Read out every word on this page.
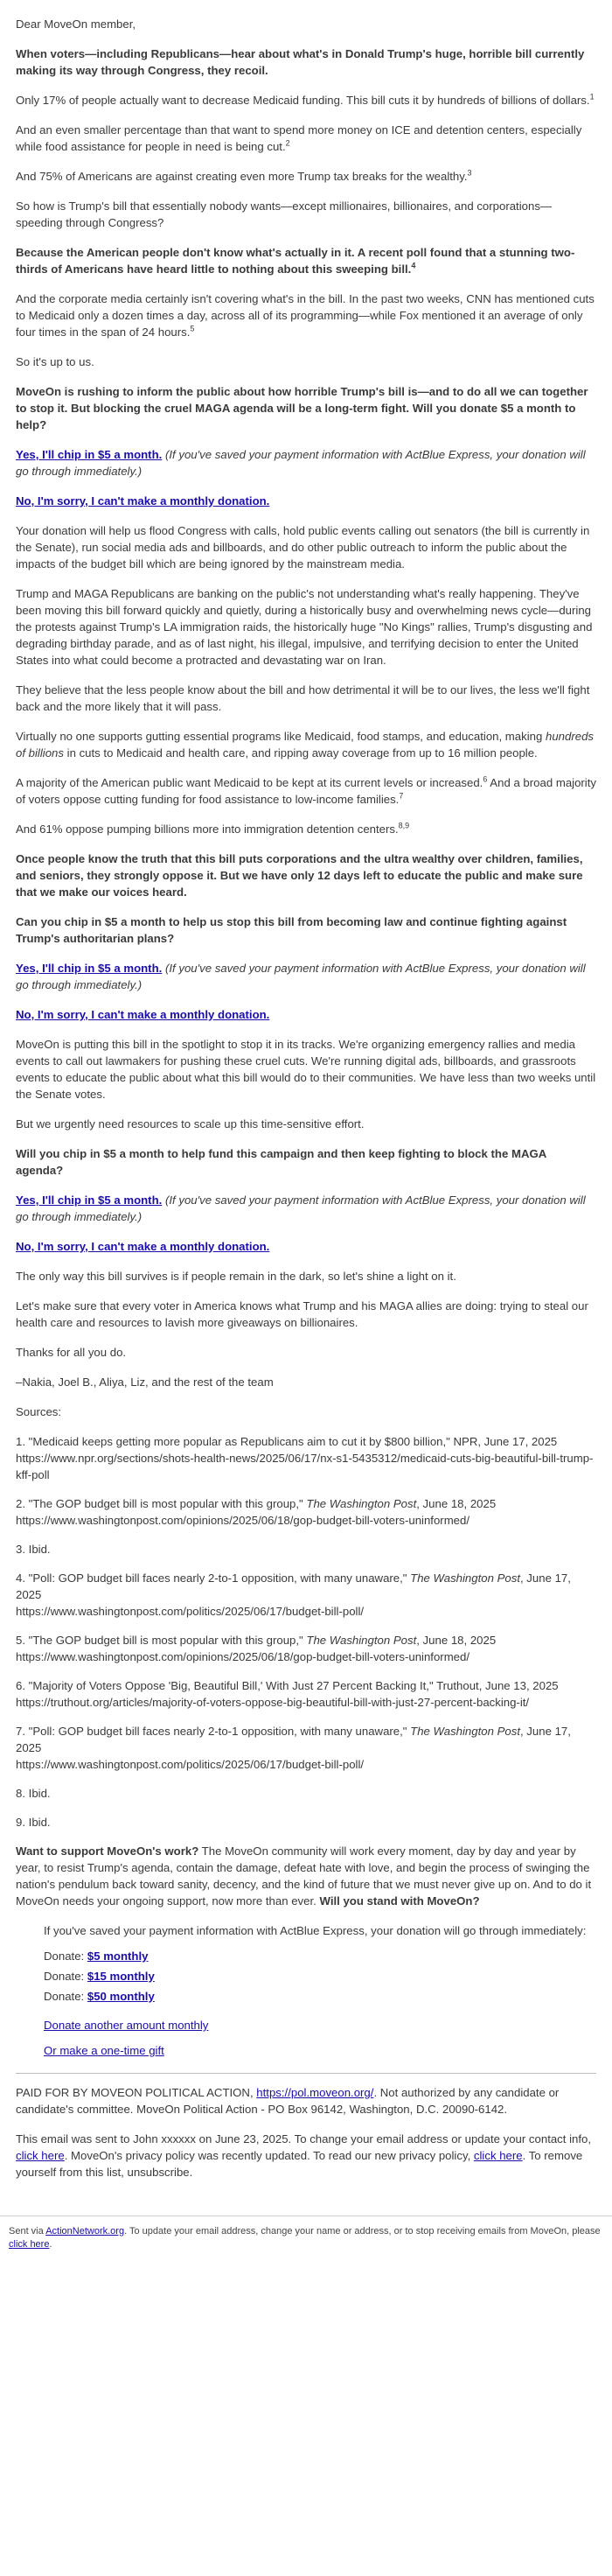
Dear MoveOn member,

When voters—including Republicans—hear about what's in Donald Trump's huge, horrible bill currently making its way through Congress, they recoil.

Only 17% of people actually want to decrease Medicaid funding. This bill cuts it by hundreds of billions of dollars.$^1$

And an even smaller percentage than that want to spend more money on ICE and detention centers, especially while food assistance for people in need is being cut.$^2$

And 75% of Americans are against creating even more Trump tax breaks for the wealthy.$^3$

So how is Trump's bill that essentially nobody wants—except millionaires, billionaires, and corporations—speeding through Congress?

Because the American people don't know what's actually in it. A recent poll found that a stunning two-thirds of Americans have heard little to nothing about this sweeping bill.$^4$

And the corporate media certainly isn't covering what's in the bill. In the past two weeks, CNN has mentioned cuts to Medicaid only a dozen times a day, across all of its programming—while Fox mentioned it an average of only four times in the span of 24 hours.$^5$

So it's up to us.

MoveOn is rushing to inform the public about how horrible Trump's bill is—and to do all we can together to stop it. But blocking the cruel MAGA agenda will be a long-term fight. Will you donate $5 a month to help?

Yes, I'll chip in $5 a month. (If you've saved your payment information with ActBlue Express, your donation will go through immediately.)

No, I'm sorry, I can't make a monthly donation.

Your donation will help us flood Congress with calls, hold public events calling out senators (the bill is currently in the Senate), run social media ads and billboards, and do other public outreach to inform the public about the impacts of the budget bill which are being ignored by the mainstream media.

Trump and MAGA Republicans are banking on the public's not understanding what's really happening. They've been moving this bill forward quickly and quietly, during a historically busy and overwhelming news cycle—during the protests against Trump's LA immigration raids, the historically huge "No Kings" rallies, Trump's disgusting and degrading birthday parade, and as of last night, his illegal, impulsive, and terrifying decision to enter the United States into what could become a protracted and devastating war on Iran.

They believe that the less people know about the bill and how detrimental it will be to our lives, the less we'll fight back and the more likely that it will pass.

Virtually no one supports gutting essential programs like Medicaid, food stamps, and education, making hundreds of billions in cuts to Medicaid and health care, and ripping away coverage from up to 16 million people.

A majority of the American public want Medicaid to be kept at its current levels or increased.$^6$ And a broad majority of voters oppose cutting funding for food assistance to low-income families.$^7$

And 61% oppose pumping billions more into immigration detention centers.$^{8,9}$

Once people know the truth that this bill puts corporations and the ultra wealthy over children, families, and seniors, they strongly oppose it. But we have only 12 days left to educate the public and make sure that we make our voices heard.

Can you chip in $5 a month to help us stop this bill from becoming law and continue fighting against Trump's authoritarian plans?

Yes, I'll chip in $5 a month. (If you've saved your payment information with ActBlue Express, your donation will go through immediately.)

No, I'm sorry, I can't make a monthly donation.

MoveOn is putting this bill in the spotlight to stop it in its tracks. We're organizing emergency rallies and media events to call out lawmakers for pushing these cruel cuts. We're running digital ads, billboards, and grassroots events to educate the public about what this bill would do to their communities. We have less than two weeks until the Senate votes.

But we urgently need resources to scale up this time-sensitive effort.

Will you chip in $5 a month to help fund this campaign and then keep fighting to block the MAGA agenda?

Yes, I'll chip in $5 a month. (If you've saved your payment information with ActBlue Express, your donation will go through immediately.)

No, I'm sorry, I can't make a monthly donation.

The only way this bill survives is if people remain in the dark, so let's shine a light on it.

Let's make sure that every voter in America knows what Trump and his MAGA allies are doing: trying to steal our health care and resources to lavish more giveaways on billionaires.

Thanks for all you do.

–Nakia, Joel B., Aliya, Liz, and the rest of the team

Sources:

1. "Medicaid keeps getting more popular as Republicans aim to cut it by $800 billion," NPR, June 17, 2025
https://www.npr.org/sections/shots-health-news/2025/06/17/nx-s1-5435312/medicaid-cuts-big-beautiful-bill-trump-kff-poll

2. "The GOP budget bill is most popular with this group," The Washington Post, June 18, 2025
https://www.washingtonpost.com/opinions/2025/06/18/gop-budget-bill-voters-uninformed/

3. Ibid.

4. "Poll: GOP budget bill faces nearly 2-to-1 opposition, with many unaware," The Washington Post, June 17, 2025
https://www.washingtonpost.com/politics/2025/06/17/budget-bill-poll/

5. "The GOP budget bill is most popular with this group," The Washington Post, June 18, 2025
https://www.washingtonpost.com/opinions/2025/06/18/gop-budget-bill-voters-uninformed/

6. "Majority of Voters Oppose 'Big, Beautiful Bill,' With Just 27 Percent Backing It," Truthout, June 13, 2025
https://truthout.org/articles/majority-of-voters-oppose-big-beautiful-bill-with-just-27-percent-backing-it/

7. "Poll: GOP budget bill faces nearly 2-to-1 opposition, with many unaware," The Washington Post, June 17, 2025
https://www.washingtonpost.com/politics/2025/06/17/budget-bill-poll/

8. Ibid.

9. Ibid.

Want to support MoveOn's work? The MoveOn community will work every moment, day by day and year by year, to resist Trump's agenda, contain the damage, defeat hate with love, and begin the process of swinging the nation's pendulum back toward sanity, decency, and the kind of future that we must never give up on. And to do it MoveOn needs your ongoing support, now more than ever. Will you stand with MoveOn?

If you've saved your payment information with ActBlue Express, your donation will go through immediately:

Donate: $5 monthly
Donate: $15 monthly
Donate: $50 monthly

Donate another amount monthly

Or make a one-time gift

PAID FOR BY MOVEON POLITICAL ACTION, https://pol.moveon.org/. Not authorized by any candidate or candidate's committee. MoveOn Political Action - PO Box 96142, Washington, D.C. 20090-6142.

This email was sent to John xxxxxx on June 23, 2025. To change your email address or update your contact info, click here. MoveOn's privacy policy was recently updated. To read our new privacy policy, click here. To remove yourself from this list, unsubscribe.

Sent via ActionNetwork.org. To update your email address, change your name or address, or to stop receiving emails from MoveOn, please click here.
